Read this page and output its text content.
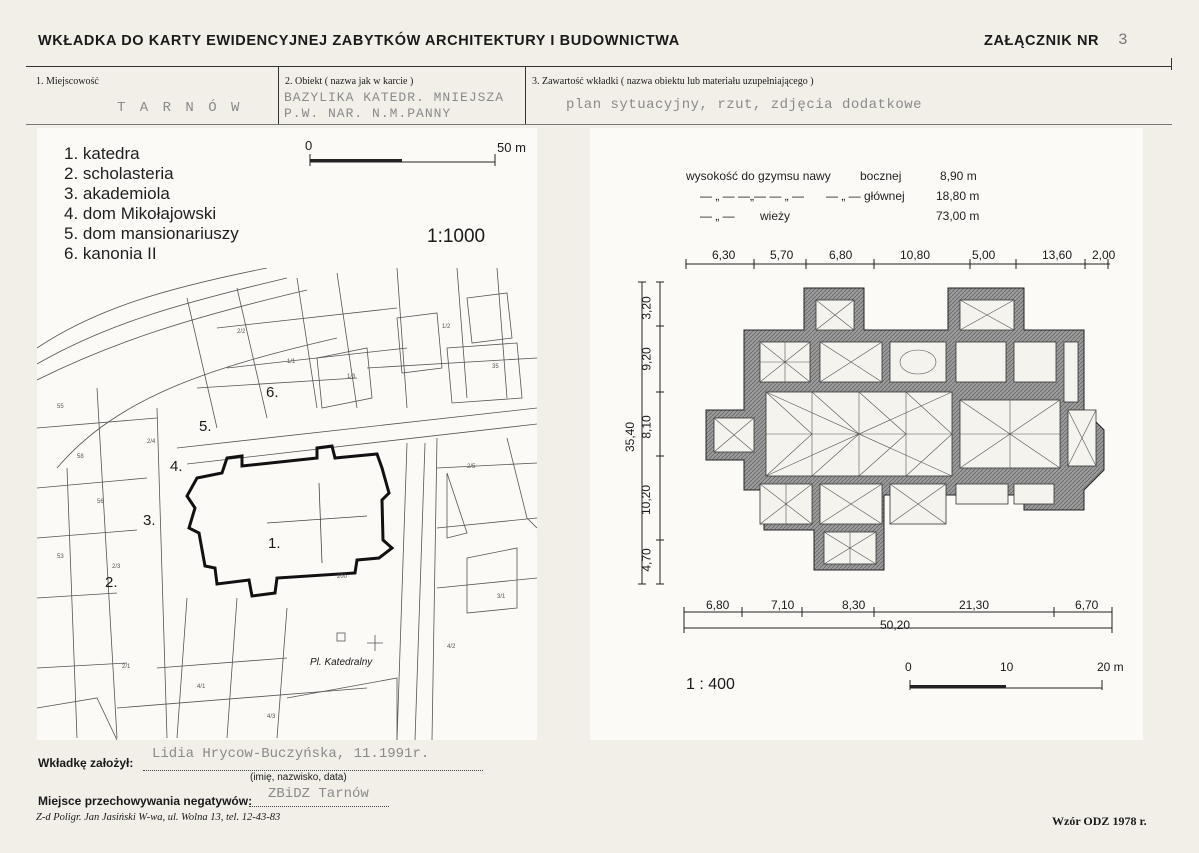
WKŁADKA DO KARTY EWIDENCYJNEJ ZABYTKÓW ARCHITEKTURY I BUDOWNICTWA	ZAŁĄCZNIK NR 3
1. Miejscowość
T A R N Ó W
2. Obiekt ( nazwa jak w karcie )
BAZYLIKA KATEDR. MNIEJSZA
P.W. NAR. N.M.PANNY
3. Zawartość wkładki ( nazwa obiektu lub materiału uzupełniającego )
plan sytuacyjny, rzut, zdjęcia dodatkowe
1. katedra
2. scholasteria
3. akademiola
4. dom Mikołajowski
5. dom mansionariuszy
6. kanonia II
0	50 m
1:1000
55
58
56
2/4
2/2
1/1
1/3
1/2
35
53
2/3
2/1
2/5
4/1
4/3
200
4/2
3/1
6.
5.
4.
3.
2.
1.
Pl. Katedralny
wysokość do gzymsu nawy bocznej	8,90 m
— „ — —„— — „ — — „ — głównej	18,80 m
— „ — wieży	73,00 m
6,30	5,70	6,80	10,80	5,00	13,60 2,00
3,20
9,20
8,10
10,20
4,70
35,40
6,80	7,10	8,30	21,30	6,70
50,20
1 : 400
0	10	20 m
Wkładkę założył:
Lidia Hrycow-Buczyńska, 11.1991r.
(imię, nazwisko, data)
Miejsce przechowywania negatywów: ZBiDZ Tarnów
Z-d Poligr. Jan Jasiński W-wa, ul. Wolna 13, tel. 12-43-83	Wzór ODZ 1978 r.
